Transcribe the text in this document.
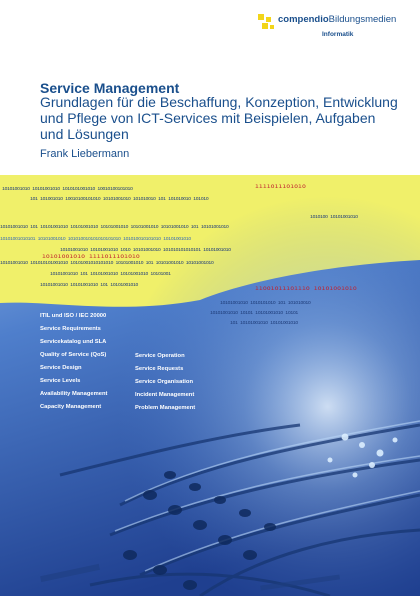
compendioBildungsmedien
Informatik
Service Management
Grundlagen für die Beschaffung, Konzeption, Entwicklung und Pflege von ICT-Services mit Beispielen, Aufgaben und Lösungen
Frank Liebermann
ıoıoıooıoıo ıoıoıooıoıo ıoıoıoıooıoıo ıooıoıooıoıoıo	ııııoıııoıoıo
ıoı ıoıooıoıo ıooıoıooıoıoıo ıoıoıooıoıo ıoıoıooıo ıoı ıoıoıooıo ıoıoıo
ıoıoıoo ıoıoıooıoıo
ıoıoıooıoıo ıoı ıoıoıooıoıo ıoıoıooıoıo ıoıoıooıoıo ıoıoıooıoıo ıoıoıooıoıo ıoı ıoıoıooıoıo
ıoıoıooıoıoıoı ıoıoıooıoıo ıoıoıooıoıoıoıoıoıoıo ıoıoıooıoıoıoıo ıoıoıooıoıo
ıoıoıooıoıo ıoıoıooıoıo ıoıo ıoıoıooıoıo ıoıoıoıoıoıoıoı ıoıoıooıoıo
ıoıoıooıoıo ııııoıııoıoıo
ıoıoıooıoıo ıoıoıoıoıooıoıo ıoıoıooıoıoıoıoıo ıoıoıooıoıo ıoı ıoıoıooıoıo ıoıoıooıoıo
ıoıoıooıoıo ıoı ıoıoıooıoıo ıoıoıooıoıo ıoıoıooı
ııooıoıııoıııo ıoıoıooıoıo
ıoıoıooıoıo ıoıoıooıoıo ıoı ıoıoıooıoıo
ıoıoıooıoıo ıoıoıoıoıo ıoı ıoıoıooıo
ıoıoıooıoıo ıoıoı ıoıoıooıoıo ıoıoı
ıoı ıoıoıooıoıo ıoıoıooıoıo
ITIL und ISO / IEC 20000
Service Requirements
Servicekatalog und SLA
Quality of Service (QoS)
Service Design
Service Levels
Availability Management
Capacity Management
Service Operation
Service Requests
Service Organisation
Incident Management
Problem Management
